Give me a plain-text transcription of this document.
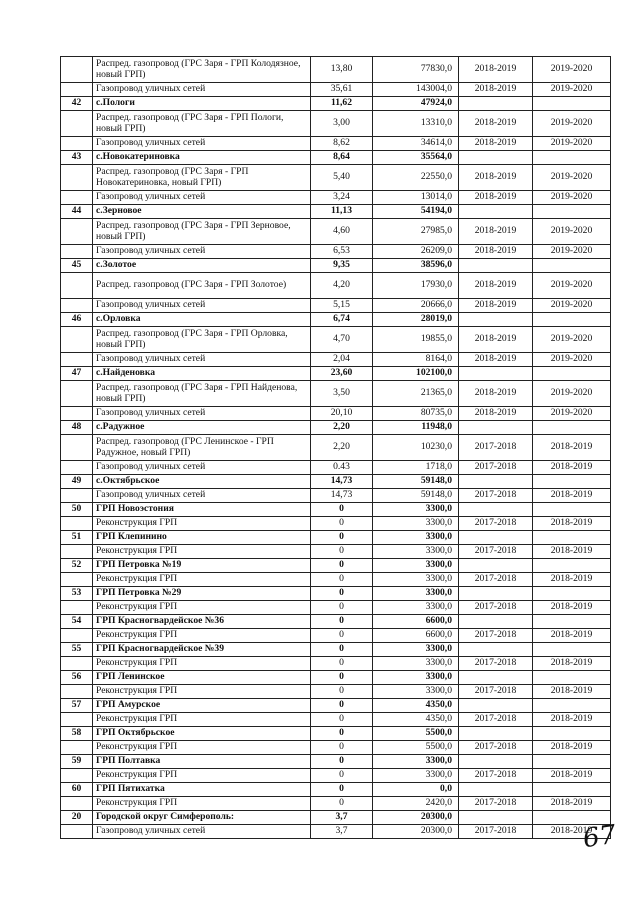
	Распред. газопровод (ГРС Заря - ГРП Колодязное, новый ГРП)	13,80	77830,0	2018-2019	2019-2020
	Газопровод уличных сетей	35,61	143004,0	2018-2019	2019-2020
42	с.Пологи	11,62	47924,0		
	Распред. газопровод (ГРС Заря - ГРП Пологи, новый ГРП)	3,00	13310,0	2018-2019	2019-2020
	Газопровод уличных сетей	8,62	34614,0	2018-2019	2019-2020
43	с.Новокатериновка	8,64	35564,0		
	Распред. газопровод (ГРС Заря - ГРП Новокатериновка, новый ГРП)	5,40	22550,0	2018-2019	2019-2020
	Газопровод уличных сетей	3,24	13014,0	2018-2019	2019-2020
44	с.Зерновое	11,13	54194,0		
	Распред. газопровод (ГРС Заря - ГРП Зерновое, новый ГРП)	4,60	27985,0	2018-2019	2019-2020
	Газопровод уличных сетей	6,53	26209,0	2018-2019	2019-2020
45	с.Золотое	9,35	38596,0		
	Распред. газопровод (ГРС Заря - ГРП Золотое)	4,20	17930,0	2018-2019	2019-2020
	Газопровод уличных сетей	5,15	20666,0	2018-2019	2019-2020
46	с.Орловка	6,74	28019,0		
	Распред. газопровод (ГРС Заря - ГРП Орловка, новый ГРП)	4,70	19855,0	2018-2019	2019-2020
	Газопровод уличных сетей	2,04	8164,0	2018-2019	2019-2020
47	с.Найденовка	23,60	102100,0		
	Распред. газопровод (ГРС Заря - ГРП Найденова, новый ГРП)	3,50	21365,0	2018-2019	2019-2020
	Газопровод уличных сетей	20,10	80735,0	2018-2019	2019-2020
48	с.Радужное	2,20	11948,0		
	Распред. газопровод (ГРС Ленинское - ГРП Радужное, новый ГРП)	2,20	10230,0	2017-2018	2018-2019
	Газопровод уличных сетей	0.43	1718,0	2017-2018	2018-2019
49	с.Октябрьское	14,73	59148,0		
	Газопровод уличных сетей	14,73	59148,0	2017-2018	2018-2019
50	ГРП Новоэстония	0	3300,0		
	Реконструкция ГРП	0	3300,0	2017-2018	2018-2019
51	ГРП Клепинино	0	3300,0		
	Реконструкция ГРП	0	3300,0	2017-2018	2018-2019
52	ГРП Петровка №19	0	3300,0		
	Реконструкция ГРП	0	3300,0	2017-2018	2018-2019
53	ГРП Петровка №29	0	3300,0		
	Реконструкция ГРП	0	3300,0	2017-2018	2018-2019
54	ГРП Красногвардейское №36	0	6600,0		
	Реконструкция ГРП	0	6600,0	2017-2018	2018-2019
55	ГРП Красногвардейское №39	0	3300,0		
	Реконструкция ГРП	0	3300,0	2017-2018	2018-2019
56	ГРП Ленинское	0	3300,0		
	Реконструкция ГРП	0	3300,0	2017-2018	2018-2019
57	ГРП Амурское	0	4350,0		
	Реконструкция ГРП	0	4350,0	2017-2018	2018-2019
58	ГРП Октябрьское	0	5500,0		
	Реконструкция ГРП	0	5500,0	2017-2018	2018-2019
59	ГРП Полтавка	0	3300,0		
	Реконструкция ГРП	0	3300,0	2017-2018	2018-2019
60	ГРП Пятихатка	0	0,0		
	Реконструкция ГРП	0	2420,0	2017-2018	2018-2019
20	Городской округ Симферополь:	3,7	20300,0		
	Газопровод уличных сетей	3,7	20300,0	2017-2018	2018-2019
67
